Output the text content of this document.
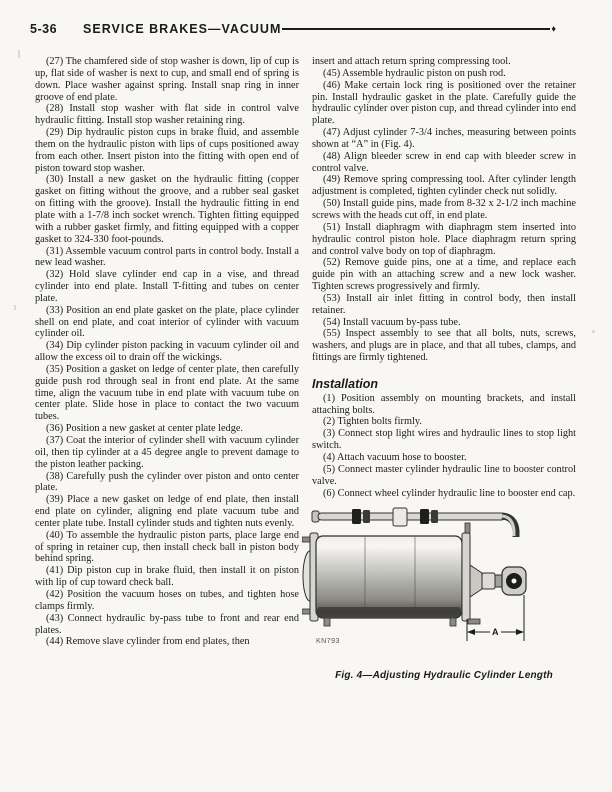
5-36 SERVICE BRAKES—VACUUM	♦

(27) The chamfered side of stop washer is down, lip of cup is up, flat side of washer is next to cup, and small end of spring is down. Place washer against spring. Install snap ring in inner groove of end plate.

(28) Install stop washer with flat side in control valve hydraulic fitting. Install stop washer retaining ring.

(29) Dip hydraulic piston cups in brake fluid, and assemble them on the hydraulic piston with lips of cups positioned away from each other. Insert piston into the fitting with open end of piston toward stop washer.

(30) Install a new gasket on the hydraulic fitting (copper gasket on fitting without the groove, and a rubber seal gasket on fitting with the groove). Install the hydraulic fitting in end plate with a 1-7/8 inch socket wrench. Tighten fitting equipped with a rubber gasket firmly, and fitting equipped with a copper gasket to 324-330 foot-pounds.

(31) Assemble vacuum control parts in control body. Install a new lead washer.

(32) Hold slave cylinder end cap in a vise, and thread cylinder into end plate. Install T-fitting and tubes on center plate.

(33) Position an end plate gasket on the plate, place cylinder shell on end plate, and coat interior of cylinder with vacuum cylinder oil.

(34) Dip cylinder piston packing in vacuum cylinder oil and allow the excess oil to drain off the wickings.

(35) Position a gasket on ledge of center plate, then carefully guide push rod through seal in front end plate. At the same time, align the vacuum tube in end plate with vacuum tube on center plate. Slide hose in place to contact the two vacuum tubes.

(36) Position a new gasket at center plate ledge.

(37) Coat the interior of cylinder shell with vacuum cylinder oil, then tip cylinder at a 45 degree angle to prevent damage to the piston leather packing.

(38) Carefully push the cylinder over piston and onto center plate.

(39) Place a new gasket on ledge of end plate, then install end plate on cylinder, aligning end plate vacuum tube and center plate tube. Install cylinder studs and tighten nuts evenly.

(40) To assemble the hydraulic piston parts, place large end of spring in retainer cup, then install check ball in piston body behind spring.

(41) Dip piston cup in brake fluid, then install it on piston with lip of cup toward check ball.

(42) Position the vacuum hoses on tubes, and tighten hose clamps firmly.

(43) Connect hydraulic by-pass tube to front and rear end plates.

(44) Remove slave cylinder from end plates, then

insert and attach return spring compressing tool.

(45) Assemble hydraulic piston on push rod.

(46) Make certain lock ring is positioned over the retainer pin. Install hydraulic gasket in the plate. Carefully guide the hydraulic cylinder over piston cup, and thread cylinder into end plate.

(47) Adjust cylinder 7-3/4 inches, measuring between points shown at “A” in (Fig. 4).

(48) Align bleeder screw in end cap with bleeder screw in control valve.

(49) Remove spring compressing tool. After cylinder length adjustment is completed, tighten cylinder check nut solidly.

(50) Install guide pins, made from 8-32 x 2-1/2 inch machine screws with the heads cut off, in end plate.

(51) Install diaphragm with diaphragm stem inserted into hydraulic control piston hole. Place diaphragm return spring and control valve body on top of diaphragm.

(52) Remove guide pins, one at a time, and replace each guide pin with an attaching screw and a new lock washer. Tighten screws progressively and firmly.

(53) Install air inlet fitting in control body, then install retainer.

(54) Install vacuum by-pass tube.

(55) Inspect assembly to see that all bolts, nuts, screws, washers, and plugs are in place, and that all tubes, clamps, and fittings are firmly tightened.

Installation

(1) Position assembly on mounting brackets, and install attaching bolts.

(2) Tighten bolts firmly.

(3) Connect stop light wires and hydraulic lines to stop light switch.

(4) Attach vacuum hose to booster.

(5) Connect master cylinder hydraulic line to booster control valve.

(6) Connect wheel cylinder hydraulic line to booster end cap.

A
KN793
Fig. 4—Adjusting Hydraulic Cylinder Length
